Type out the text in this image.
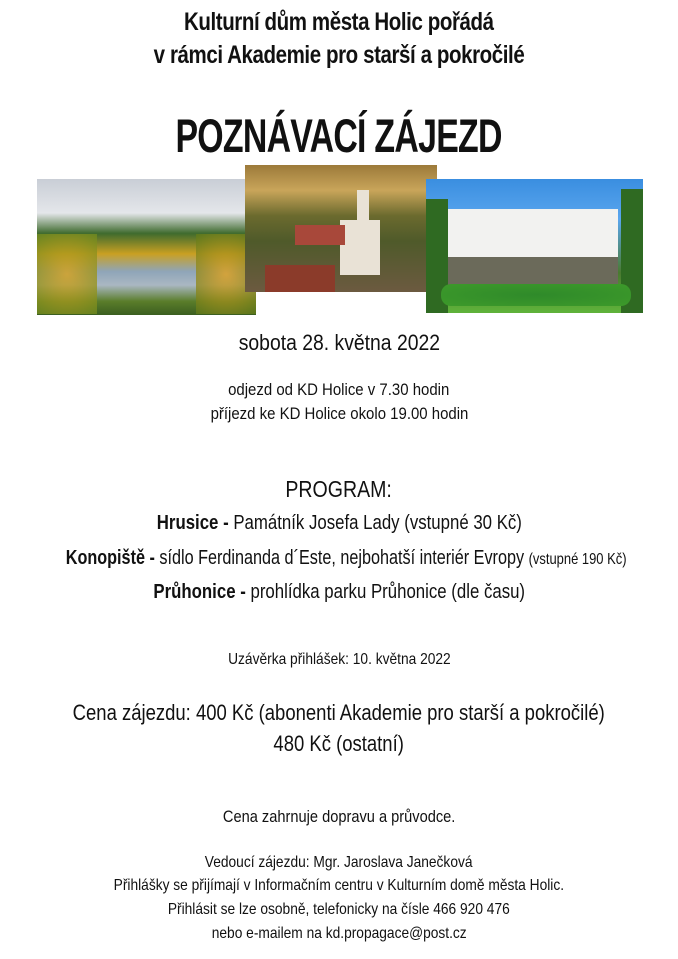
Kulturní dům města Holic pořádá
v rámci Akademie pro starší a pokročilé
POZNÁVACÍ ZÁJEZD
sobota 28. května 2022
odjezd od KD Holice v 7.30 hodin
příjezd ke KD Holice okolo 19.00 hodin
PROGRAM:
Hrusice - Památník Josefa Lady (vstupné 30 Kč)
Konopiště - sídlo Ferdinanda d´Este, nejbohatší interiér Evropy (vstupné 190 Kč)
Průhonice - prohlídka parku Průhonice (dle času)
Uzávěrka přihlášek: 10. května 2022
Cena zájezdu: 400 Kč (abonenti Akademie pro starší a pokročilé)
480 Kč (ostatní)
Cena zahrnuje dopravu a průvodce.
Vedoucí zájezdu: Mgr. Jaroslava Janečková
Přihlášky se přijímají v Informačním centru v Kulturním domě města Holic.
Přihlásit se lze osobně, telefonicky na čísle 466 920 476
nebo e-mailem na kd.propagace@post.cz
